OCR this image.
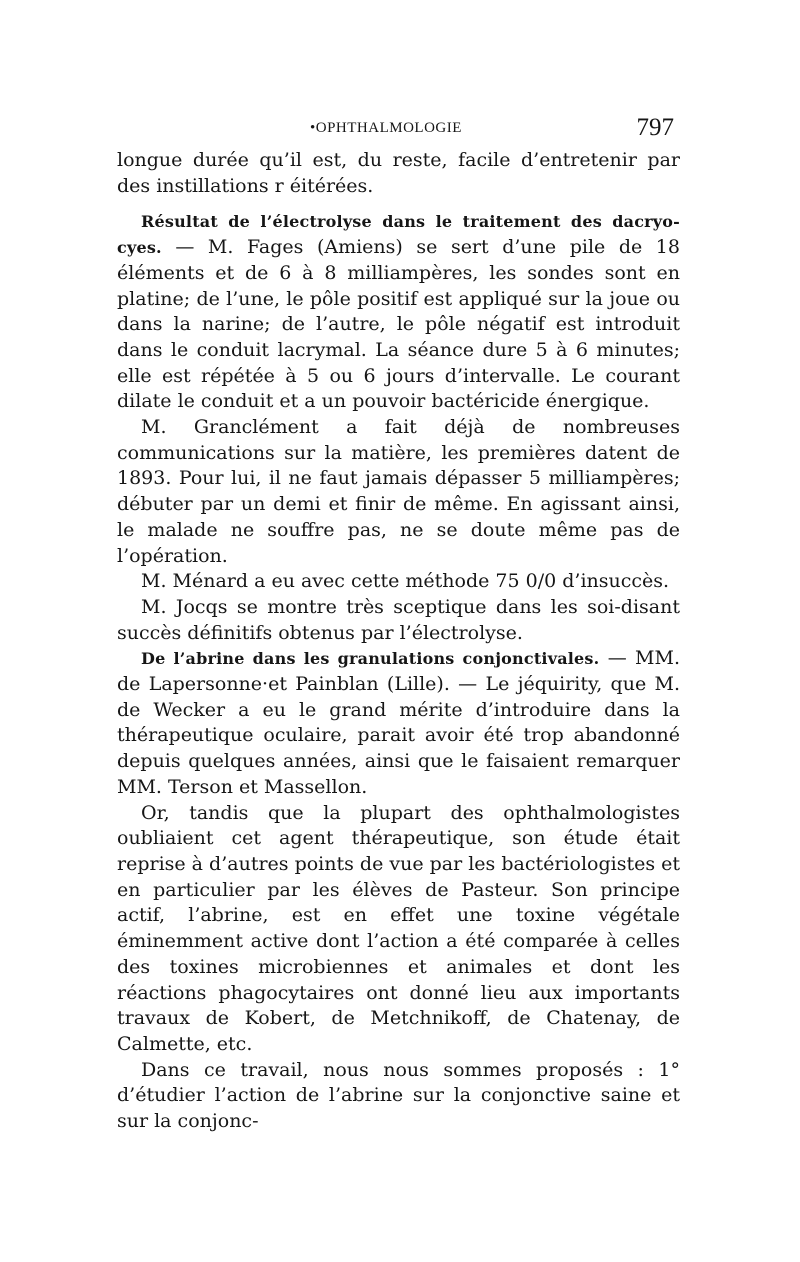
•OPHTHALMOLOGIE	797

longue durée qu’il est, du reste, facile d’entretenir par des instillations r éitérées.

Résultat de l’électrolyse dans le traitement des dacryo-cyes. — M. Fages (Amiens) se sert d’une pile de 18 éléments et de 6 à 8 milliampères, les sondes sont en platine; de l’une, le pôle positif est appliqué sur la joue ou dans la narine; de l’autre, le pôle négatif est introduit dans le conduit lacrymal. La séance dure 5 à 6 minutes; elle est répétée à 5 ou 6 jours d’intervalle. Le courant dilate le conduit et a un pouvoir bactéricide énergique.

M. Granclément a fait déjà de nombreuses communications sur la matière, les premières datent de 1893. Pour lui, il ne faut jamais dépasser 5 milliampères; débuter par un demi et finir de même. En agissant ainsi, le malade ne souffre pas, ne se doute même pas de l’opération.

M. Ménard a eu avec cette méthode 75 0/0 d’insuccès.

M. Jocqs se montre très sceptique dans les soi-disant succès définitifs obtenus par l’électrolyse.

De l’abrine dans les granulations conjonctivales. — MM. de Lapersonne·et Painblan (Lille). — Le jéquirity, que M. de Wecker a eu le grand mérite d’introduire dans la thérapeutique oculaire, parait avoir été trop abandonné depuis quelques années, ainsi que le faisaient remarquer MM. Terson et Massellon.

Or, tandis que la plupart des ophthalmologistes oubliaient cet agent thérapeutique, son étude était reprise à d’autres points de vue par les bactériologistes et en particulier par les élèves de Pasteur. Son principe actif, l’abrine, est en effet une toxine végétale éminemment active dont l’action a été comparée à celles des toxines microbiennes et animales et dont les réactions phagocytaires ont donné lieu aux importants travaux de Kobert, de Metchnikoff, de Chatenay, de Calmette, etc.

Dans ce travail, nous nous sommes proposés : 1° d’étudier l’action de l’abrine sur la conjonctive saine et sur la conjonc-
